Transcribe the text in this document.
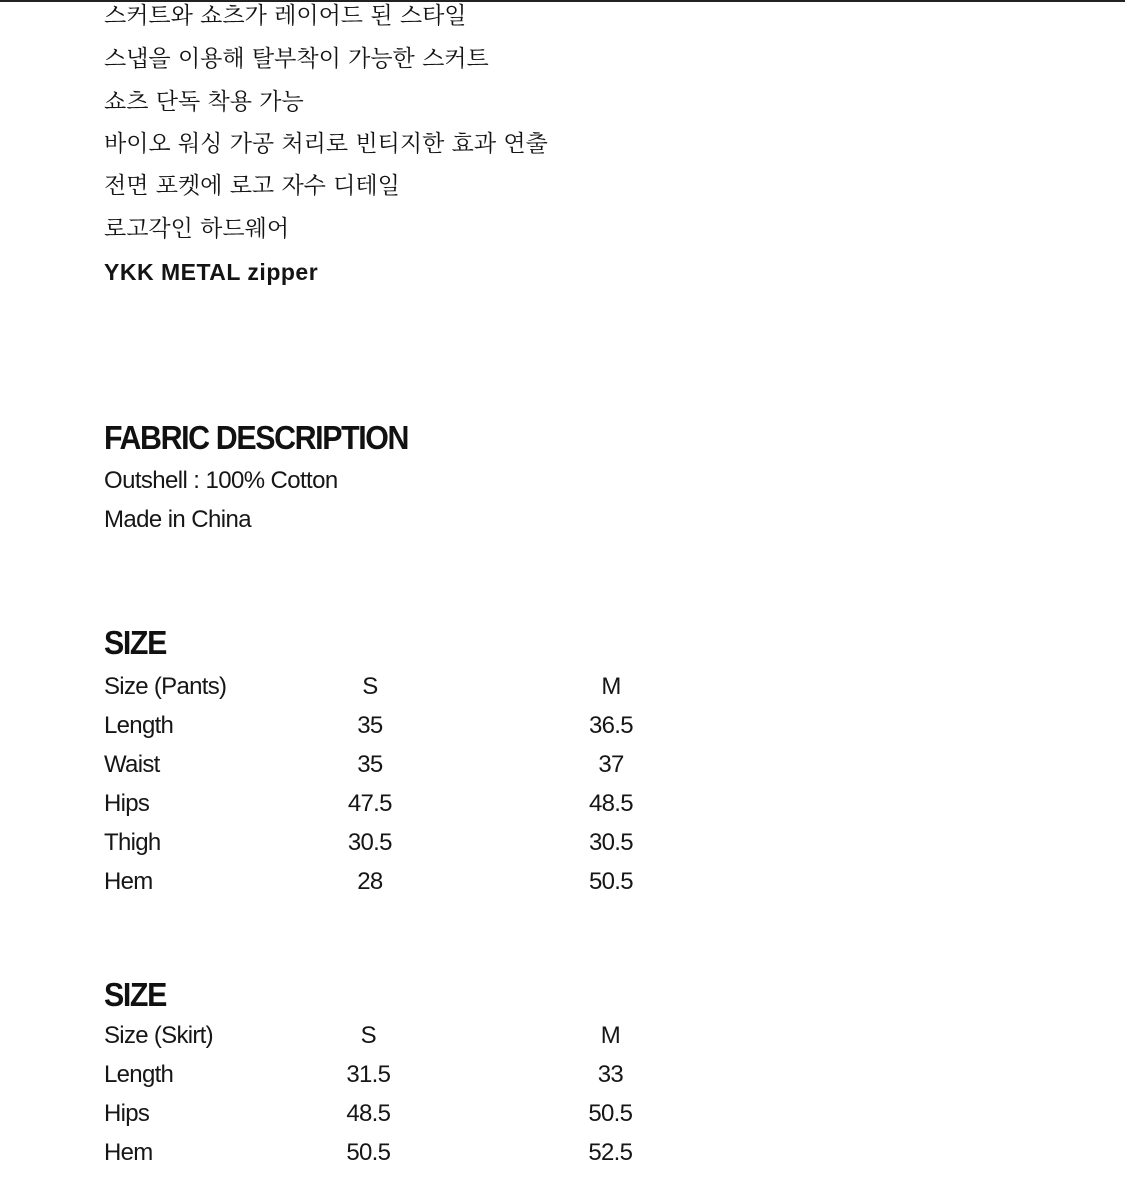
스커트와 쇼츠가 레이어드 된 스타일
스냅을 이용해 탈부착이 가능한 스커트
쇼츠 단독 착용 가능
바이오 워싱 가공 처리로 빈티지한 효과 연출
전면 포켓에 로고 자수 디테일
로고각인 하드웨어
YKK METAL zipper
FABRIC DESCRIPTION

Outshell : 100% Cotton

Made in China

SIZE
Size (Pants)	S	M
Length	35	36.5
Waist	35	37
Hips	47.5	48.5
Thigh	30.5	30.5
Hem	28	50.5
SIZE
Size (Skirt)	S	M
Length	31.5	33
Hips	48.5	50.5
Hem	50.5	52.5
